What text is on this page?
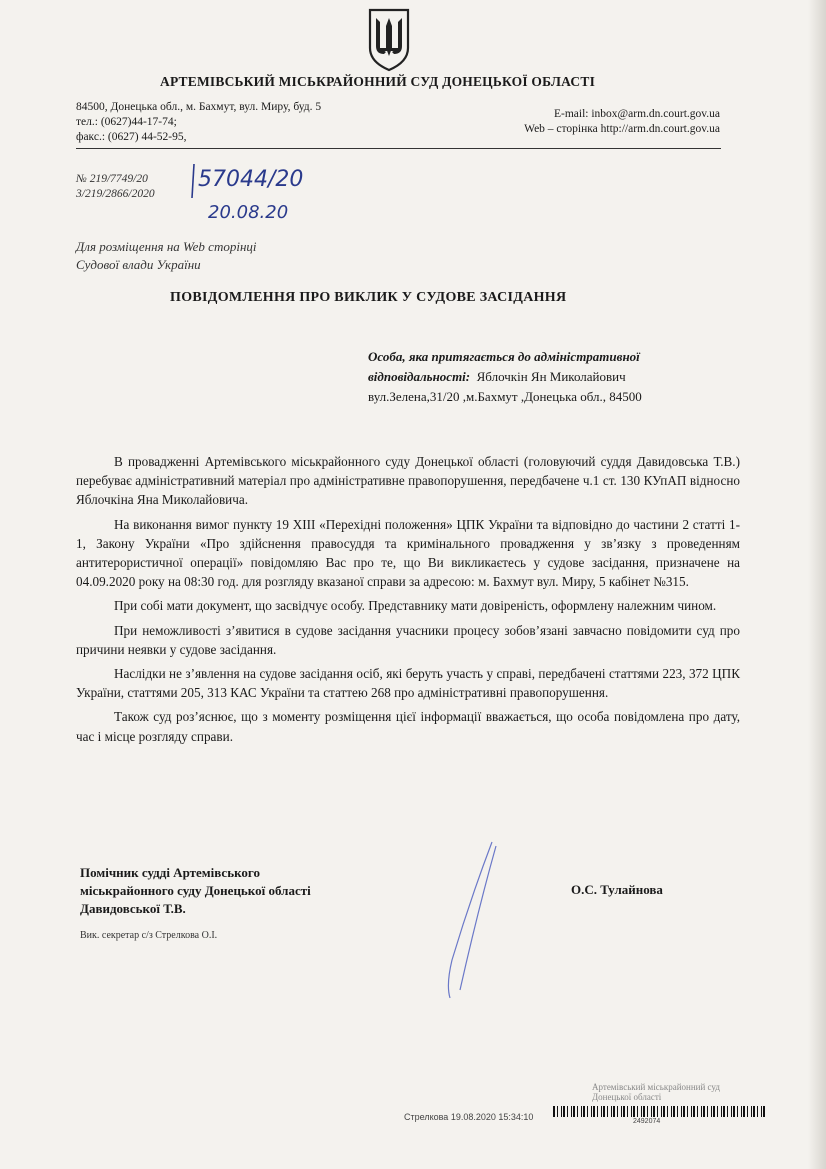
АРТЕМІВСЬКИЙ МІСЬКРАЙОННИЙ СУД ДОНЕЦЬКОЇ ОБЛАСТІ
84500, Донецька обл., м. Бахмут, вул. Миру, буд. 5
тел.: (0627)44-17-74;
факс.: (0627) 44-52-95,
E-mail: inbox@arm.dn.court.gov.ua
Web – сторінка http://arm.dn.court.gov.ua
№ 219/7749/20
3/219/2866/2020
57044/20
20.08.20
Для розміщення на Web сторінці
Судової влади України
ПОВІДОМЛЕННЯ ПРО ВИКЛИК У СУДОВЕ ЗАСІДАННЯ
Особа, яка притягається до адміністративної відповідальності: Яблочкін Ян Миколайович
вул.Зелена,31/20 ,м.Бахмут ,Донецька обл., 84500

В провадженні Артемівського міськрайонного суду Донецької області (головуючий суддя Давидовська Т.В.) перебуває адміністративний матеріал про адміністративне правопорушення, передбачене ч.1 ст. 130 КУпАП відносно Яблочкіна Яна Миколайовича.

На виконання вимог пункту 19 XIII «Перехідні положення» ЦПК України та відповідно до частини 2 статті 1-1, Закону України «Про здійснення правосуддя та кримінального провадження у зв’язку з проведенням антитерористичної операції» повідомляю Вас про те, що Ви викликаєтесь у судове засідання, призначене на 04.09.2020 року на 08:30 год. для розгляду вказаної справи за адресою: м. Бахмут вул. Миру, 5 кабінет №315.

При собі мати документ, що засвідчує особу. Представнику мати довіреність, оформлену належним чином.

При неможливості з’явитися в судове засідання учасники процесу зобов’язані завчасно повідомити суд про причини неявки у судове засідання.

Наслідки не з’явлення на судове засідання осіб, які беруть участь у справі, передбачені статтями 223, 372 ЦПК України, статтями 205, 313 КАС України та статтею 268 про адміністративні правопорушення.

Також суд роз’яснює, що з моменту розміщення цієї інформації вважається, що особа повідомлена про дату, час і місце розгляду справи.

Помічник судді Артемівського
міськрайонного суду Донецької області
Давидовської Т.В.
Вик. секретар с/з Стрелкова О.І.
О.С. Тулайнова
Артемівський міськрайонний суд
Донецької області
Стрелкова 19.08.2020 15:34:10	2492074
